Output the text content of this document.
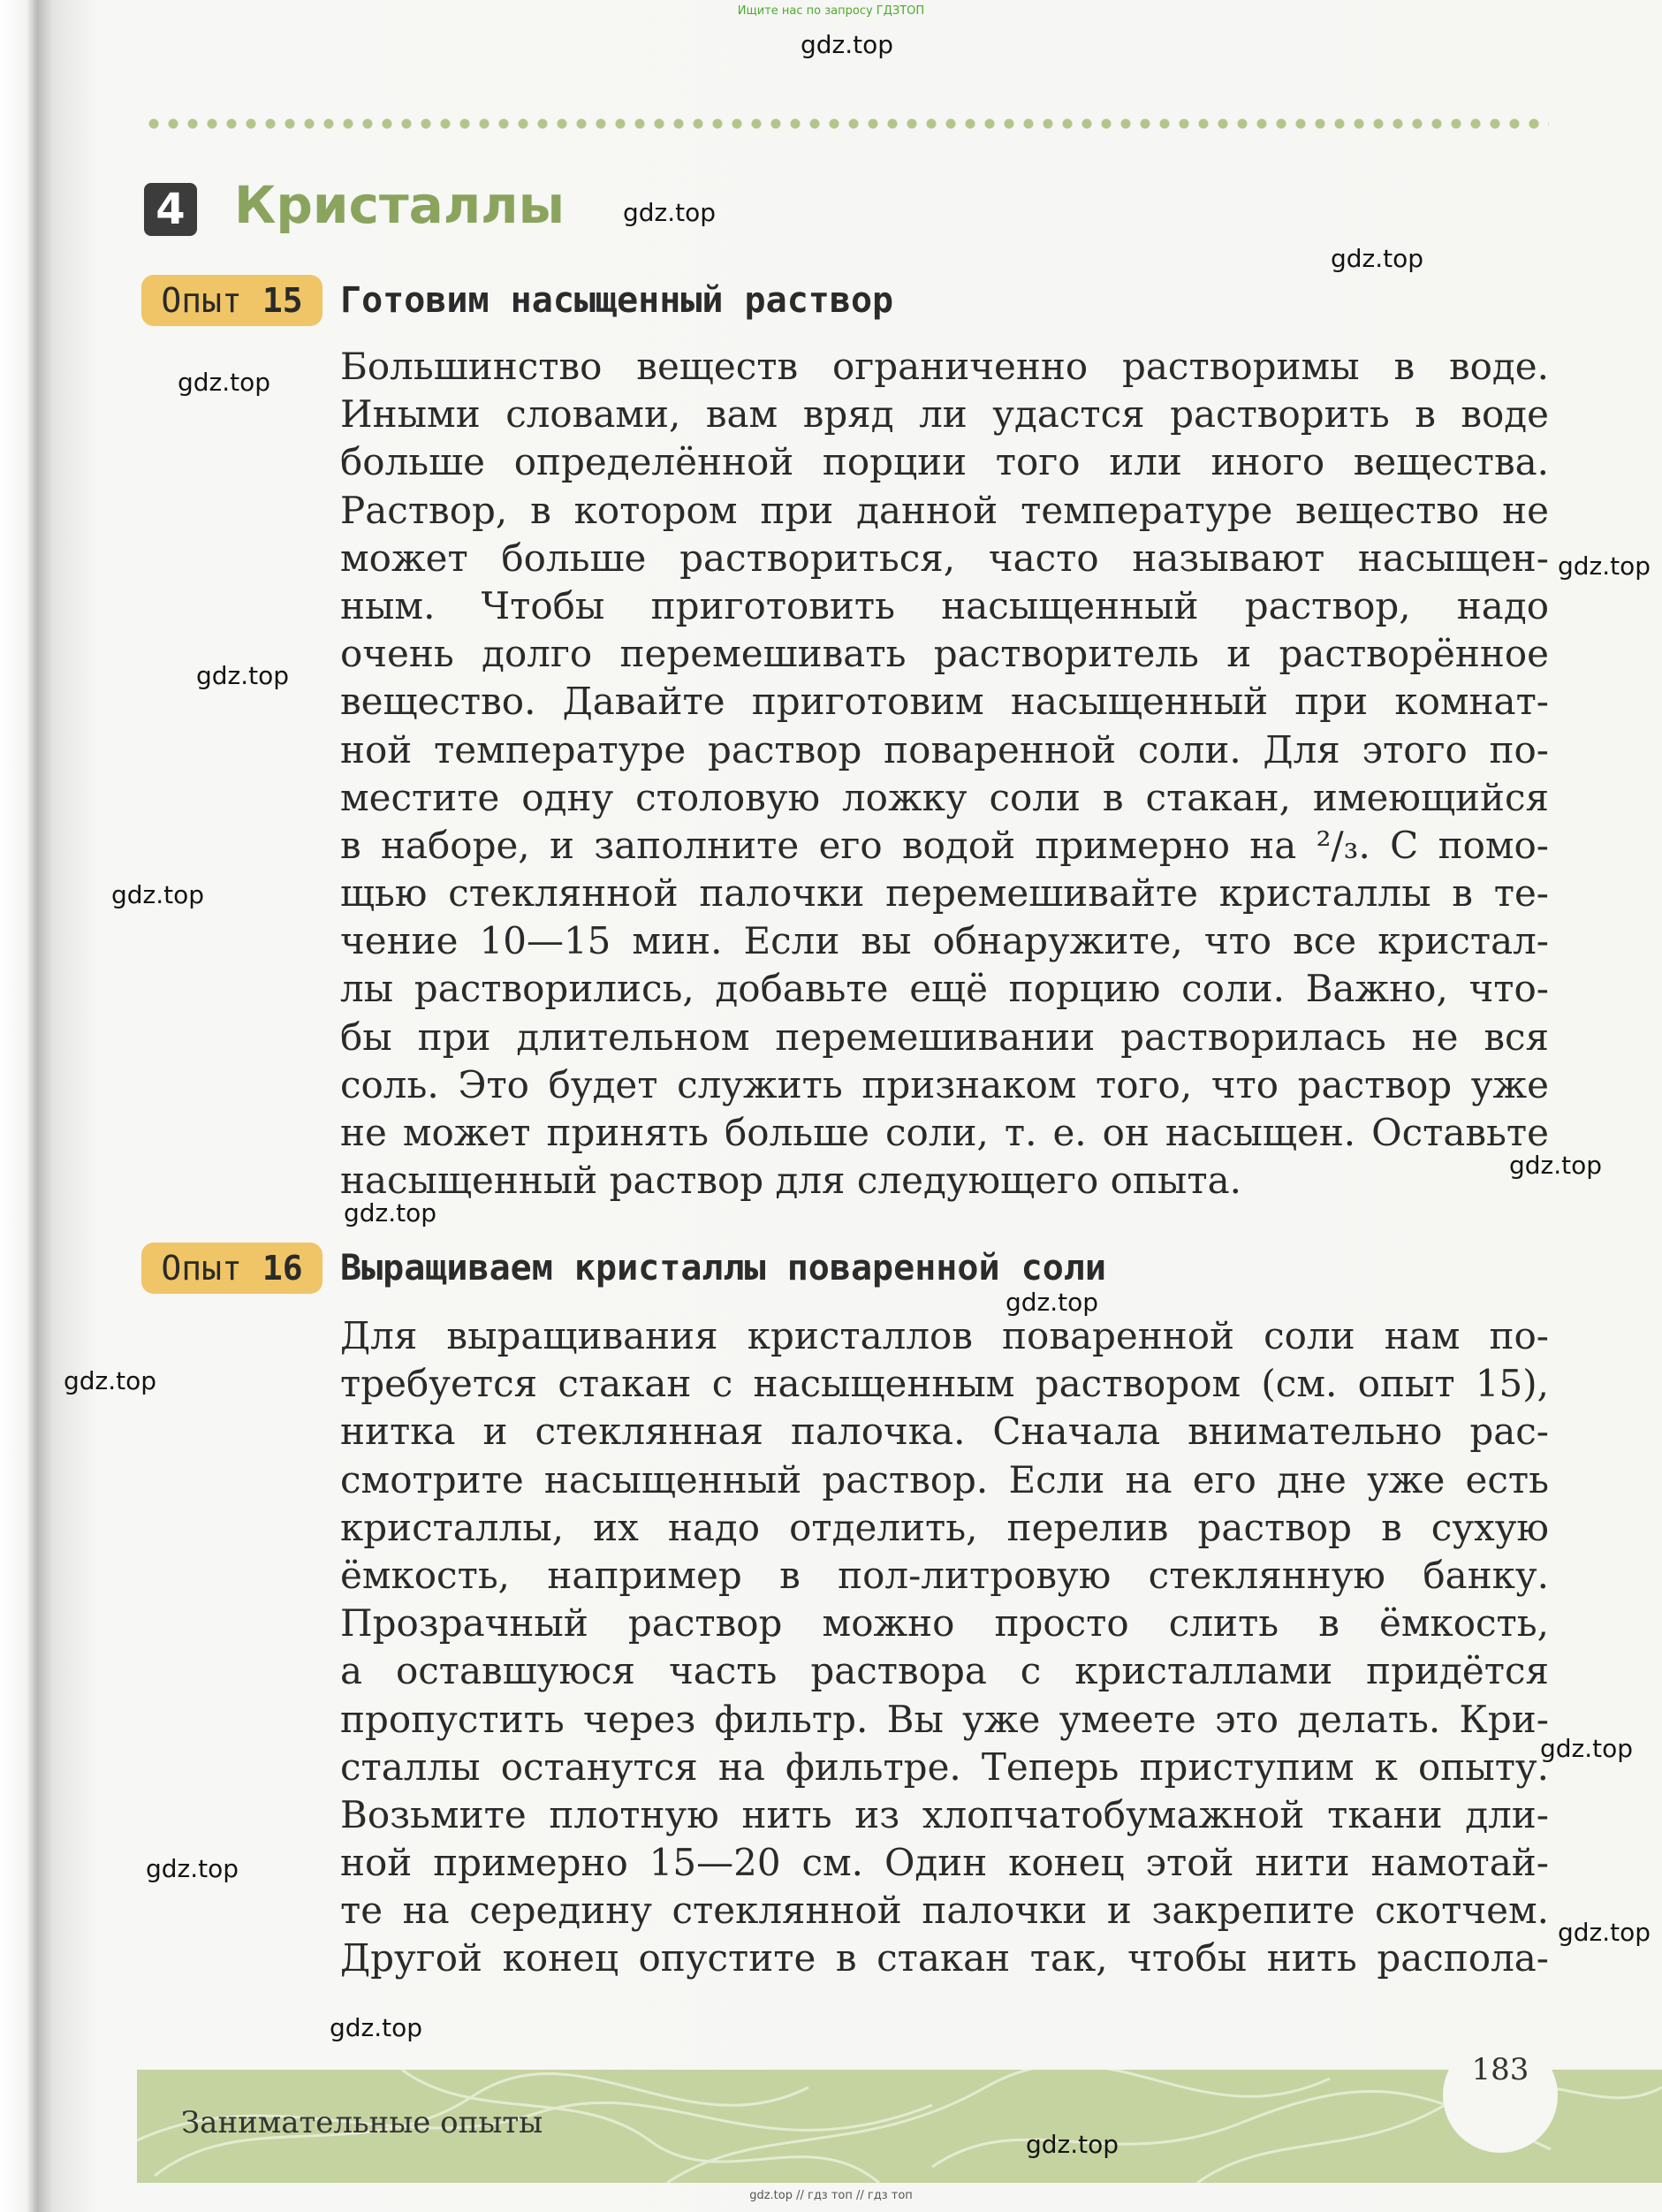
Ищите нас по запросу ГДЗТОП
4 Кристаллы
Опыт 15	Готовим насыщенный раствор
Большинство веществ ограниченно растворимы в воде.
Иными словами, вам вряд ли удастся растворить в воде
больше определённой порции того или иного вещества.
Раствор, в котором при данной температуре вещество не
может больше раствориться, часто называют насыщен-
ным. Чтобы приготовить насыщенный раствор, надо
очень долго перемешивать растворитель и растворённое
вещество. Давайте приготовим насыщенный при комнат-
ной температуре раствор поваренной соли. Для этого по-
местите одну столовую ложку соли в стакан, имеющийся
в наборе, и заполните его водой примерно на ²/₃. С помо-
щью стеклянной палочки перемешивайте кристаллы в те-
чение 10—15 мин. Если вы обнаружите, что все кристал-
лы растворились, добавьте ещё порцию соли. Важно, что-
бы при длительном перемешивании растворилась не вся
соль. Это будет служить признаком того, что раствор уже
не может принять больше соли, т. е. он насыщен. Оставьте
насыщенный раствор для следующего опыта.
Опыт 16	Выращиваем кристаллы поваренной соли
Для выращивания кристаллов поваренной соли нам по-
требуется стакан с насыщенным раствором (см. опыт 15),
нитка и стеклянная палочка. Сначала внимательно рас-
смотрите насыщенный раствор. Если на его дне уже есть
кристаллы, их надо отделить, перелив раствор в сухую
ёмкость, например в пол-литровую стеклянную банку.
Прозрачный раствор можно просто слить в ёмкость,
а оставшуюся часть раствора с кристаллами придётся
пропустить через фильтр. Вы уже умеете это делать. Кри-
сталлы останутся на фильтре. Теперь приступим к опыту.
Возьмите плотную нить из хлопчатобумажной ткани дли-
ной примерно 15—20 см. Один конец этой нити намотай-
те на середину стеклянной палочки и закрепите скотчем.
Другой конец опустите в стакан так, чтобы нить распола-
Занимательные опыты
183
gdz.top
gdz.top
gdz.top
gdz.top
gdz.top
gdz.top
gdz.top
gdz.top
gdz.top
gdz.top
gdz.top
gdz.top
gdz.top
gdz.top
gdz.top
gdz.top
gdz.top // гдз топ // гдз топ
